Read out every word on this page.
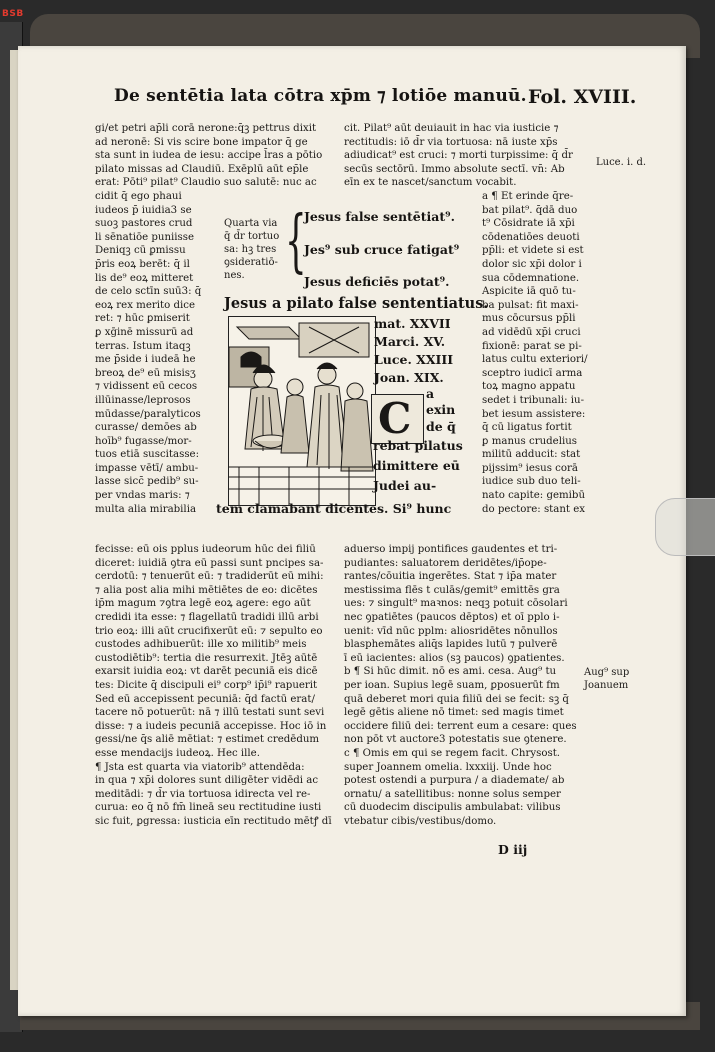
BSB
De sentētia lata cōtra xp̄m ⁊ lotiōe manuū. Fol. XVIII.
gi/et petri ap̄li corā nerone:q̄ꝫ pettrus dixit
ad neronē: Si vis scire bone impator q̄ ge
sta sunt in iudea de iesu: accipe l̄ras a pōtio
pilato missas ad Claudiū. Exēplū aūt ep̄le
erat: Pōti⁹ pilat⁹ Claudio suo salutē: nuc ac
cit. Pilat⁹ aūt deuiauit in hac via iusticie ⁊
rectitudis: iō d̄r via tortuosa: nā iuste xp̄s
adiudicat⁹ est cruci: ⁊ morti turpissime: q̄ d̄r
secūs sectōrū. Immo absolute sectī. vn̄: Ab
eīn ex te nascet/sanctum vocabit.
Luce. i. d.
cidit q̄ ego phaui
iudeos p̄ iuidia3 se
suoꝫ pastores crud
li sēnatiōe puniisse
Deniqꝫ cū ꝑmissu
p̄ris eoꝝ berēt: q̄ il
lis de⁹ eoꝝ mitteret
de celo sctīn suū3: q̄
eoꝝ rex merito dice
ret: ⁊ hūc ꝑmiserit
ꝑ xḡinē missurū ad
terras. Istum itaqꝫ
me p̄side i iudeā he
breoꝝ de⁹ eū misisʒ
⁊ vidissent eū cecos
illūinasse/leprosos
mūdasse/paralyticos
curasse/ demōes ab
hoīb⁹ fugasse/mor-
tuos etiā suscitasse:
imꝑasse vētī/ ambu-
lasse sicc̄ pedib⁹ su-
per vndas maris: ⁊
multa alia mirabilia
Quarta via
q̄ d̄r tortuo
sa: hꝫ tres
ꝯsideratiō-
nes. {
Jesus false sentētiat⁹.
Jes⁹ sub cruce fatigat⁹
Jesus deficiēs potat⁹.
Jesus a pilato false sententiatus.
mat. XXVII
Marci. XV.
Luce. XXIII
Joan. XIX.
C
a
exin
de q̄
rebat pilatus
dimittere eū
Judei au-
tem clamabant dicentes. Si⁹ hunc
a ¶ Et erinde q̄re-
bat pilat⁹. q̄dā duo
t⁹ Cōsidrate iā xp̄i
cōdenatiōes deuoti
pp̄li: et videte si est
dolor sic xp̄i dolor i
sua cōdemnatione.
Aspicite iā quō tu-
ba pulsat: fit maxi-
mus cōcursus pp̄li
ad vidēdū xp̄i cruci
fixionē: parat se pi-
latus cultu exteriori/
sceptro iudicī arma
toꝝ magno appatu
sedet i tribunali: iu-
bet iesum assistere:
q̄ cū ligatus fortit
ꝑ manus crudelius
militū adducit: stat
pijssim⁹ iesus corā
iudice sub duo teli-
nato capite: gemibū
do pectore: stant ex
fecisse: eū ois pplus iudeorum hūc dei filiū
diceret: iuidiā ꝯtra eū passi sunt pncipes sa-
cerdotū: ⁊ tenuerūt eū: ⁊ tradiderūt eū mihi:
⁊ alia post alia mihi mētiētes de eo: dicētes
ip̄m magum ⁊ꝯtra legē eoꝝ agere: ego aūt
credidi ita esse: ⁊ flagellatū tradidi illū arbi
trio eoꝝ: illi aūt crucifixerūt eū: ⁊ sepulto eo
custodes adhibuerūt: ille xo militib⁹ meis
custodiētib⁹: tertia die resurrexit. Jtēꝫ aūtē
exarsit iuidia eoꝝ: vt darēt pecuniā eis dicē
tes: Dicite q̄ discipuli ei⁹ corp⁹ ip̄i⁹ rapuerit
Sed eū accepissent pecuniā: q̄d factū erat/
tacere nō potuerūt: nā ⁊ illū testati sunt sevi
disse: ⁊ a iudeis pecuniā accepisse. Hoc iō in
gessi/ne q̄s aliē mētiat: ⁊ estimet credēdum
esse mendacijs iudeoꝝ. Hec ille.
¶ Jsta est quarta via viatorib⁹ attendēda:
in qua ⁊ xp̄i dolores sunt diligēter vidēdi ac
meditādi: ⁊ d̄r via tortuosa idirecta vel re-
curua: eo q̄ nō fm̄ lineā seu rectitudine iusti
sic fuit, ꝑgressa: iusticia eīn rectitudo mētꝭ dī
aduerso impij pontifices gaudentes et tri-
pudiantes: saluatorem deridētes/ip̄ope-
rantes/cōuitia ingerētes. Stat ⁊ ip̄a mater
mestissima flēs t culās/gemit⁹ emittēs gra
ues: ⁊ singult⁹ maꝛnos: neqꝫ potuit cōsolari
nec ꝯpatiētes (paucos dēptos) et oī pplo i-
uenit: vīd nūc pplm: aliosridētes nōnullos
blasphemātes aliq̄s lapides lutū ⁊ pulverē
ī eū iacientes: alios (sꝫ paucos) ꝯpatientes.
b ¶ Si hūc dimit. nō es ami. cesa. Aug⁹ tu
per ioan. Supius legē suam, ꝑposuerūt fm
quā deberet mori quia filiū dei se fecit: sꝫ q̄
legē gētis aliene nō timet: sed magis timet
occidere filiū dei: terrent eum a cesare: ques
non pōt vt auctore3 potestatis sue ꝯtenere.
c ¶ Omis em qui se regem facit. Chrysost.
super Joannem omelia. lxxxiij. Unde hoc
potest ostendi a purpura / a diademate/ ab
ornatu/ a satellitibus: nonne solus semper
cū duodecim discipulis ambulabat: vilibus
vtebatur cibis/vestibus/domo.
Aug⁹ sup
Joanuem
D iij
